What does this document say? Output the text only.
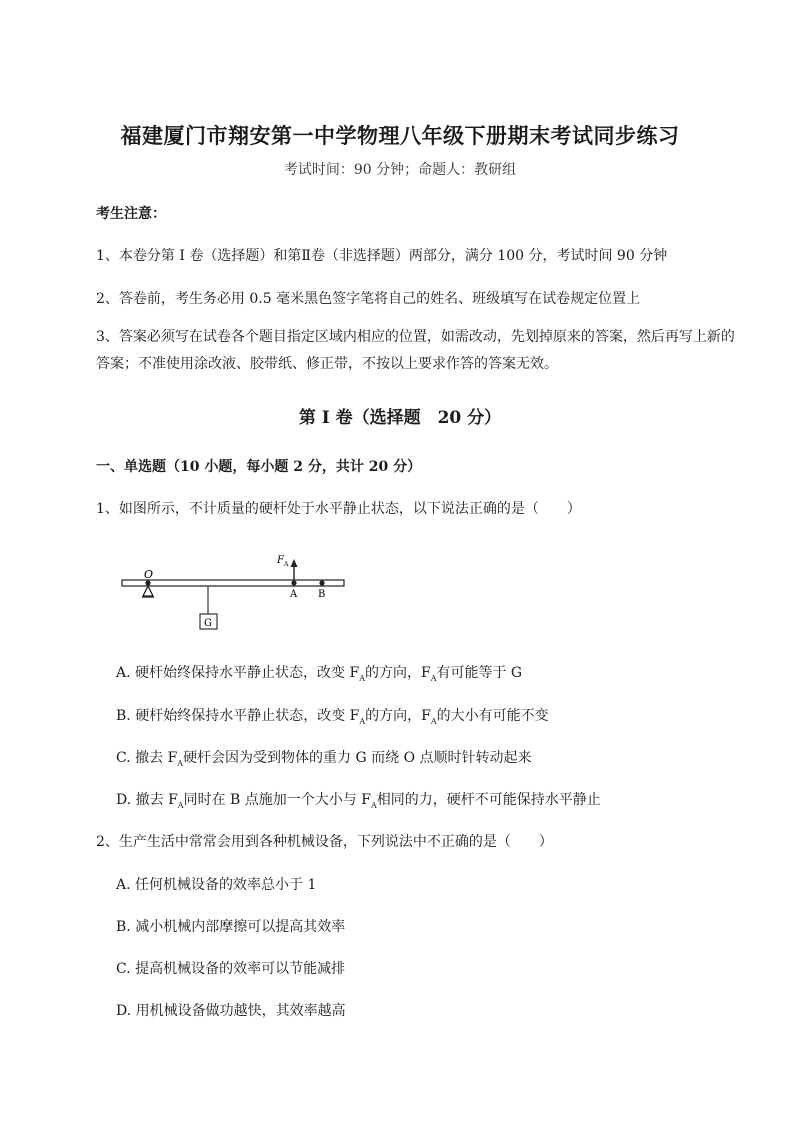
福建厦门市翔安第一中学物理八年级下册期末考试同步练习
考试时间：90 分钟；命题人：教研组
考生注意：
1、本卷分第 I 卷（选择题）和第Ⅱ卷（非选择题）两部分，满分 100 分，考试时间 90 分钟
2、答卷前，考生务必用 0.5 毫米黑色签字笔将自己的姓名、班级填写在试卷规定位置上
3、答案必须写在试卷各个题目指定区域内相应的位置，如需改动，先划掉原来的答案，然后再写上新的答案；不准使用涂改液、胶带纸、修正带，不按以上要求作答的答案无效。
第 I 卷（选择题　20 分）
一、单选题（10 小题，每小题 2 分，共计 20 分）
1、如图所示，不计质量的硬杆处于水平静止状态，以下说法正确的是（　　）
O
G
F A
A B
A. 硬杆始终保持水平静止状态，改变 $F_A$的方向，$F_A$有可能等于 G
B. 硬杆始终保持水平静止状态，改变 $F_A$的方向，$F_A$的大小有可能不变
C. 撤去 $F_A$硬杆会因为受到物体的重力 G 而绕 O 点顺时针转动起来
D. 撤去 $F_A$同时在 B 点施加一个大小与 $F_A$相同的力，硬杆不可能保持水平静止
2、生产生活中常常会用到各种机械设备，下列说法中不正确的是（　　）
A. 任何机械设备的效率总小于 1
B. 减小机械内部摩擦可以提高其效率
C. 提高机械设备的效率可以节能减排
D. 用机械设备做功越快，其效率越高
